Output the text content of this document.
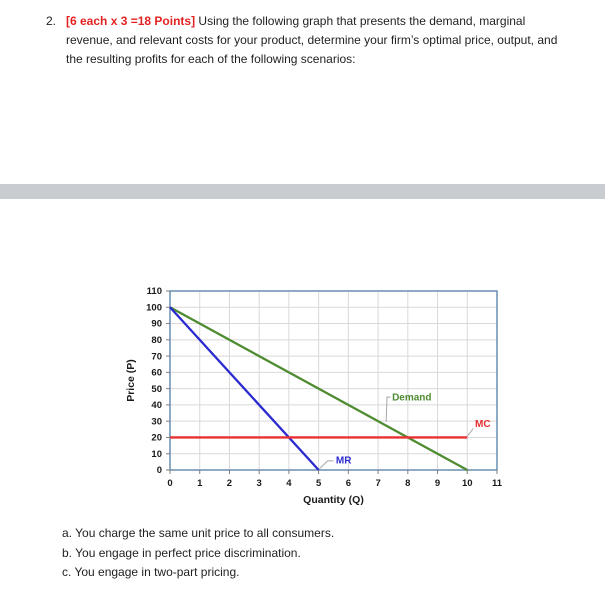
2. [6 each x 3 =18 Points] Using the following graph that presents the demand, marginal revenue, and relevant costs for your product, determine your firm’s optimal price, output, and the resulting profits for each of the following scenarios:

0
10
20
30
40
50
60
70
80
90
100
110
0	1	2	3	4	5	6	7	8	9 10 11
Quantity (Q)
Price (P)	Demand
MC
MR
a. You charge the same unit price to all consumers.
b. You engage in perfect price discrimination.
c. You engage in two-part pricing.
